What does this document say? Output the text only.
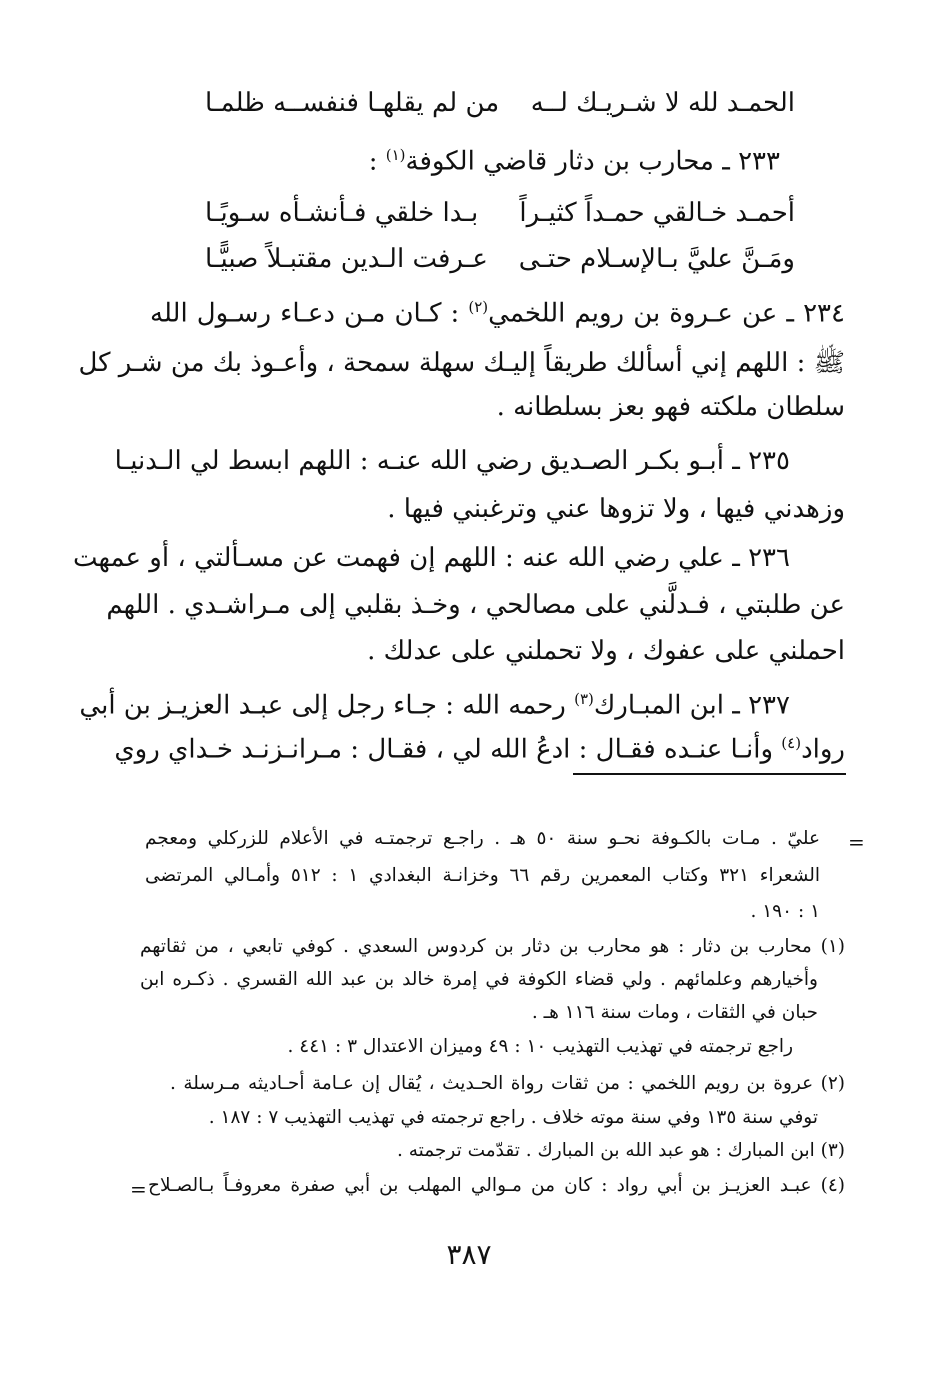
الحمـد لله لا شـريـك لــه
من لم يقلهـا فنفســه ظلمـا
٢٣٣ ـ محارب بن دثار قاضي الكوفة$^{(١)}$ :
أحمـد خـالقي حمـداً كثيـراً
بـدا خلقي فـأنشـأه سـويًـا
ومَـنَّ عليَّ بـالإسـلام حتـى
عـرفت الـدين مقتبـلاً صبيًّـا
٢٣٤ ـ عن عـروة بن رويم اللخمي$^{(٢)}$ : كـان مـن دعـاء رسـول الله
ﷺ : اللهم إني أسألك طريقاً إليـك سهلة سمحة ، وأعـوذ بك من شـر كل
سلطان ملكته فهو بعز بسلطانه .
٢٣٥ ـ أبـو بكـر الصـديق رضي الله عنـه : اللهم ابسط لي الـدنيـا
وزهدني فيها ، ولا تزوها عني وترغبني فيها .
٢٣٦ ـ علي رضي الله عنه : اللهم إن فهمت عن مسـألتي ، أو عمهت
عن طلبتي ، فـدلَّني على مصالحي ، وخـذ بقلبي إلى مـراشـدي . اللهم
احملني على عفوك ، ولا تحملني على عدلك .
٢٣٧ ـ ابن المبـارك$^{(٣)}$ رحمه الله : جـاء رجل إلى عبـد العزيـز بن أبي
رواد$^{(٤)}$ وأنـا عنـده فقـال : ادعُ الله لي ، فقـال : مـرانـزنـد خـداي روي
=
عليّ . مـات بالكـوفة نحـو سنة ٥٠ هـ . راجـع ترجمتـه في الأعلام للزركلي ومعجم
الشعراء ٣٢١ وكتاب المعمرين رقم ٦٦ وخزانـة البغدادي ١ : ٥١٢ وأمـالي المرتضى
١ : ١٩٠ .
(١) محارب بن دثار : هو محارب بن دثار بن كردوس السعدي . كوفي تابعي ، من ثقاتهم
وأخيارهم وعلمائهم . ولي قضاء الكوفة في إمرة خالد بن عبد الله القسري . ذكـره ابن
حبان في الثقات ، ومات سنة ١١٦ هـ .
راجع ترجمته في تهذيب التهذيب ١٠ : ٤٩ وميزان الاعتدال ٣ : ٤٤١ .
(٢) عروة بن رويم اللخمي : من ثقات رواة الحـديث ، يُقال إن عـامة أحـاديثه مـرسلة .
توفي سنة ١٣٥ وفي سنة موته خلاف . راجع ترجمته في تهذيب التهذيب ٧ : ١٨٧ .
(٣) ابن المبارك : هو عبد الله بن المبارك . تقدّمت ترجمته .
(٤) عبـد العزيـز بن أبي رواد : كان من مـوالي المهلب بن أبي صفرة معروفـاً بـالصـلاح
=
٣٨٧
